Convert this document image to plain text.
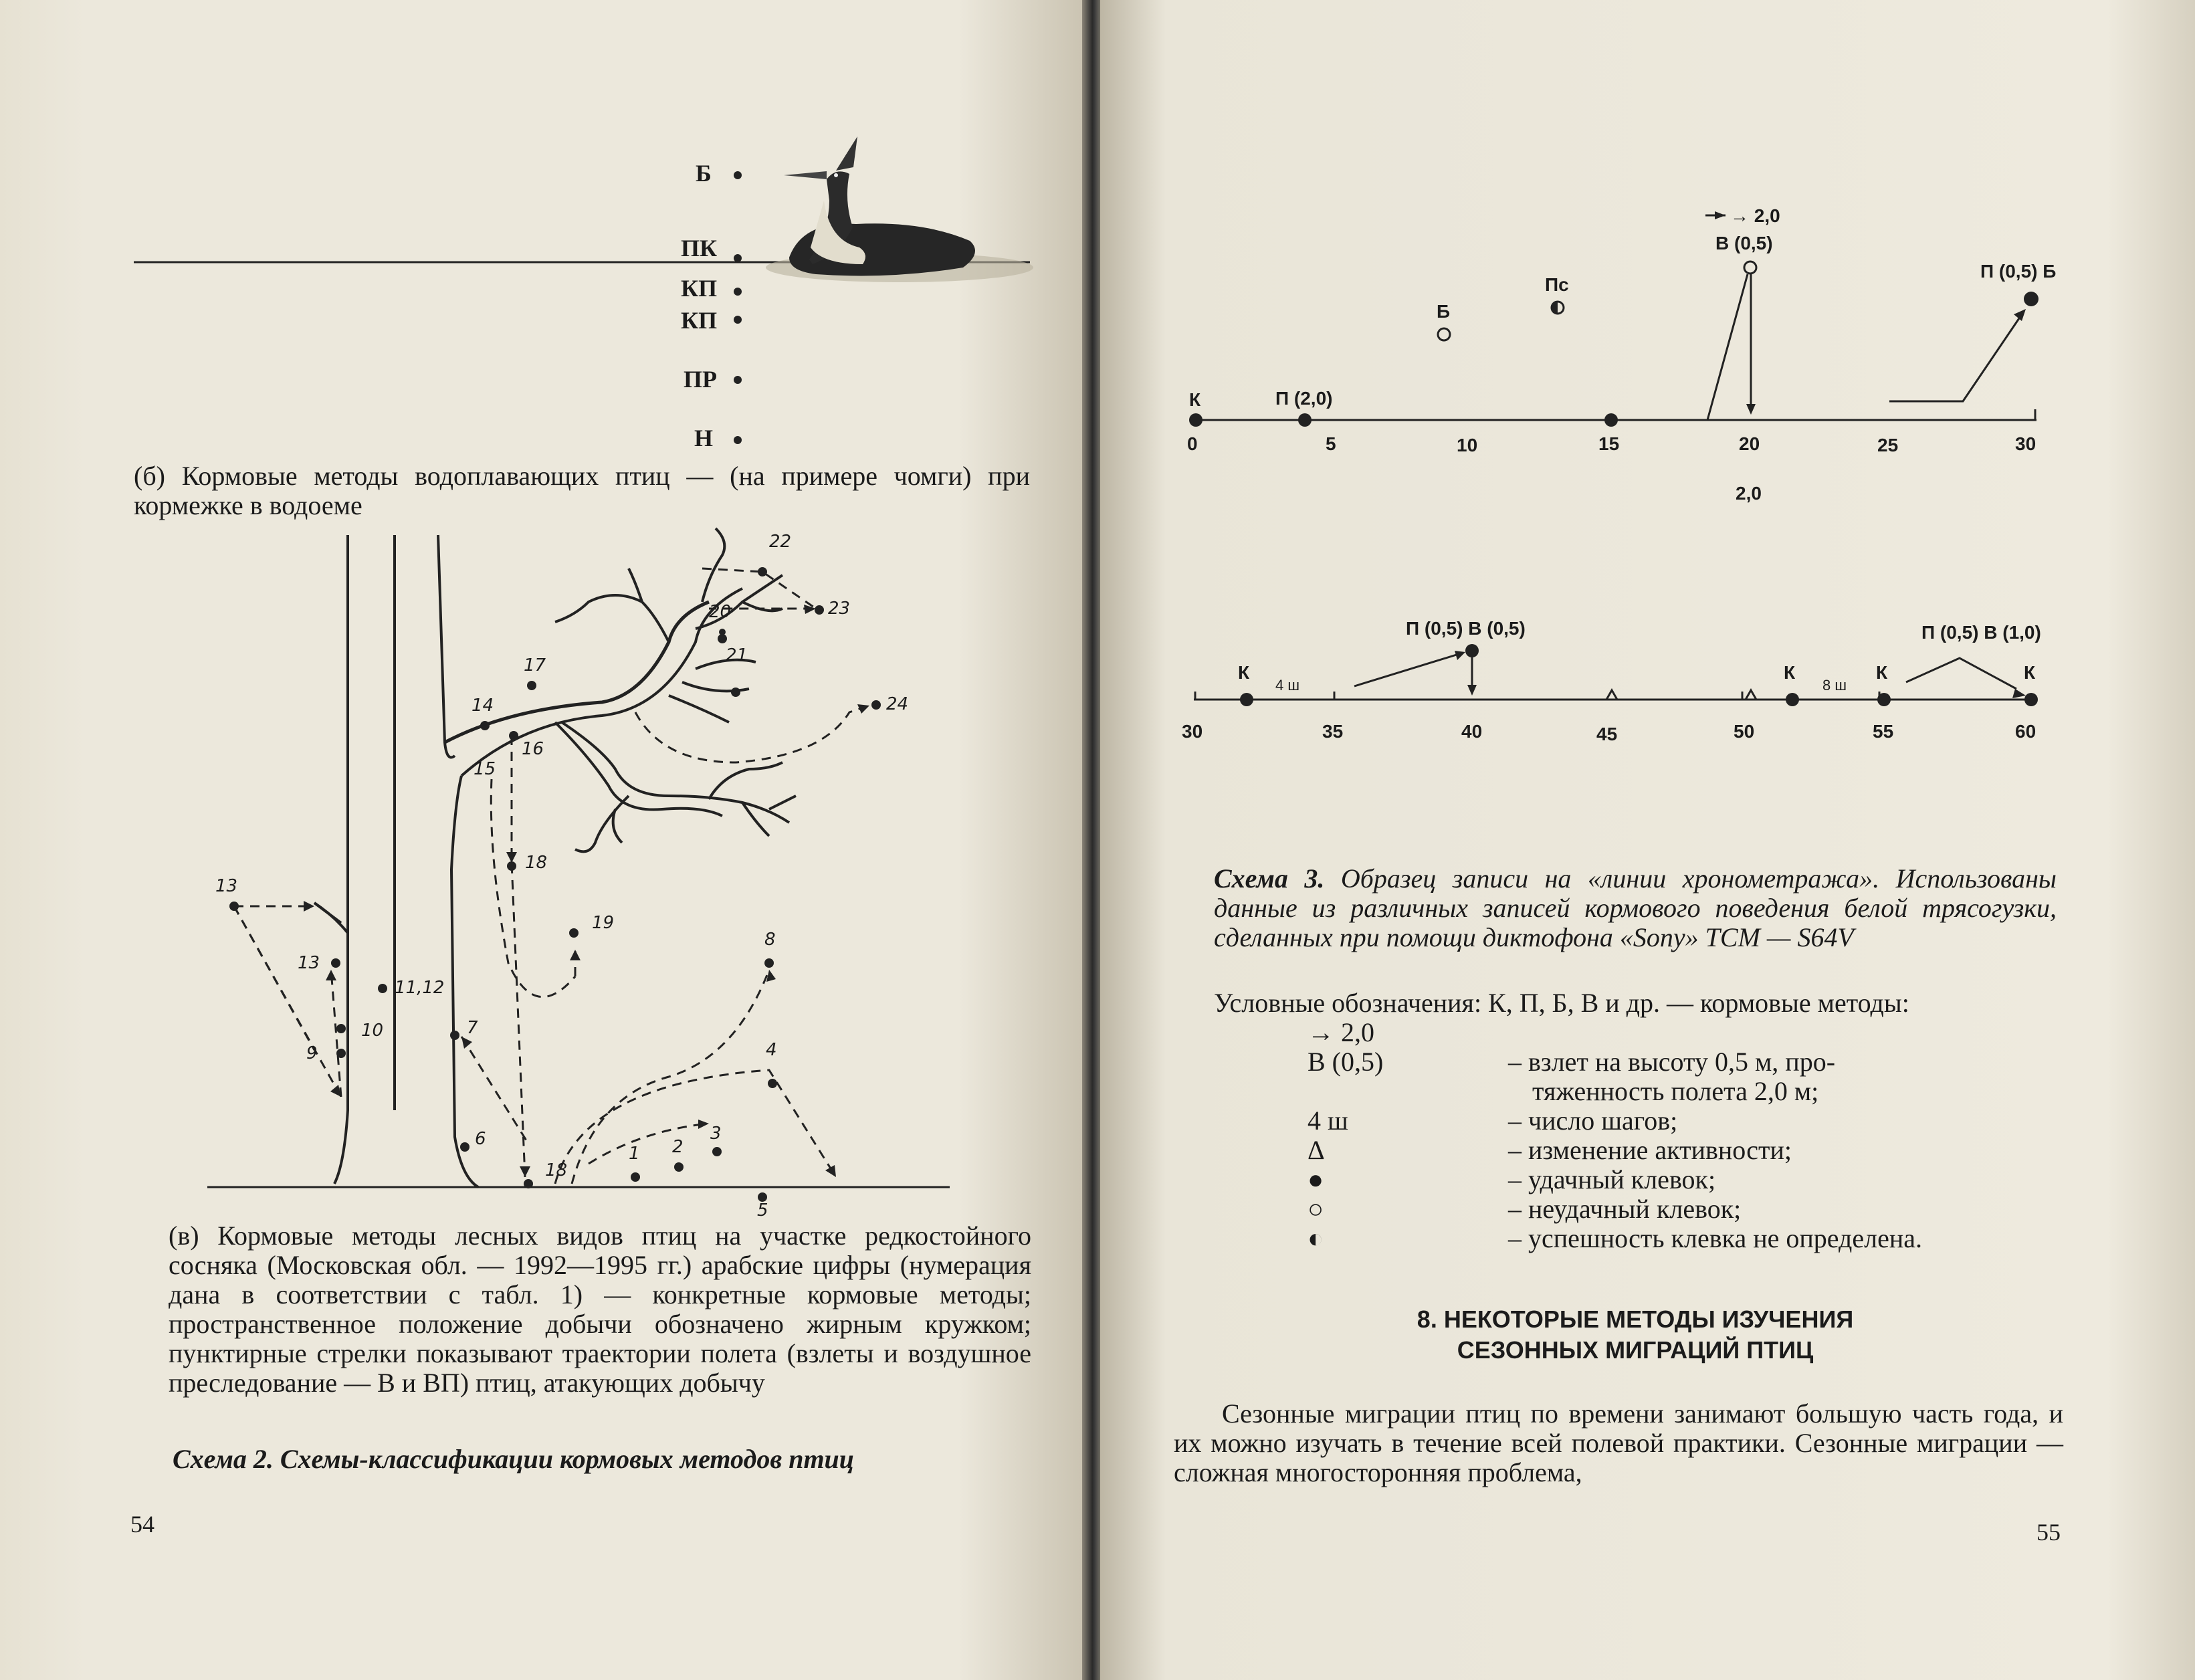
Б
ПК
КП
КП
ПР
Н
(б) Кормовые методы водоплавающих птиц — (на примере чомги) при кормежке в водоеме
1 2
3
4
5
6
7
8
9
10
11,12
13
13
14
15
16
17
18
18
19
20
21
22
23
24
(в) Кормовые методы лесных видов птиц на участке редкостойного сосняка (Московская обл. — 1992—1995 гг.) арабские цифры (нумерация дана в соответствии с табл. 1) — конкретные кормовые методы; пространственное положение добычи обозначено жирным кружком; пунктирные стрелки показывают траектории полета (взлеты и воздушное преследование — В и ВП) птиц, атакующих добычу
Схема 2. Схемы-классификации кормовых методов птиц
54
0	5	10	15	20	25	30
К	П (2,0)
Б
Пс
→ 2,0
В (0,5)
П (0,5) Б
2,0
30	35	40	45	50	55	60
К
4 ш
П (0,5) В (0,5)
К
8 ш
К
П (0,5) В (1,0)
К
Схема 3. Образец записи на «линии хронометража». Использованы данные из различных записей кормового поведения белой трясогузки, сделанных при помощи диктофона «Sony» TCM — S64V
Условные обозначения: К, П, Б, В и др. — кормовые методы:
→ 2,0
В (0,5)	– взлет на высоту 0,5 м, про-
тяженность полета 2,0 м;
4 ш	– число шагов;
Δ	– изменение активности;
●	– удачный клевок;
○	– неудачный клевок;
◐	– успешность клевка не определена.
8. НЕКОТОРЫЕ МЕТОДЫ ИЗУЧЕНИЯ
СЕЗОННЫХ МИГРАЦИЙ ПТИЦ
Сезонные миграции птиц по времени занимают большую часть года, и их можно изучать в течение всей полевой практики. Сезонные миграции — сложная многосторонняя проблема,
55
